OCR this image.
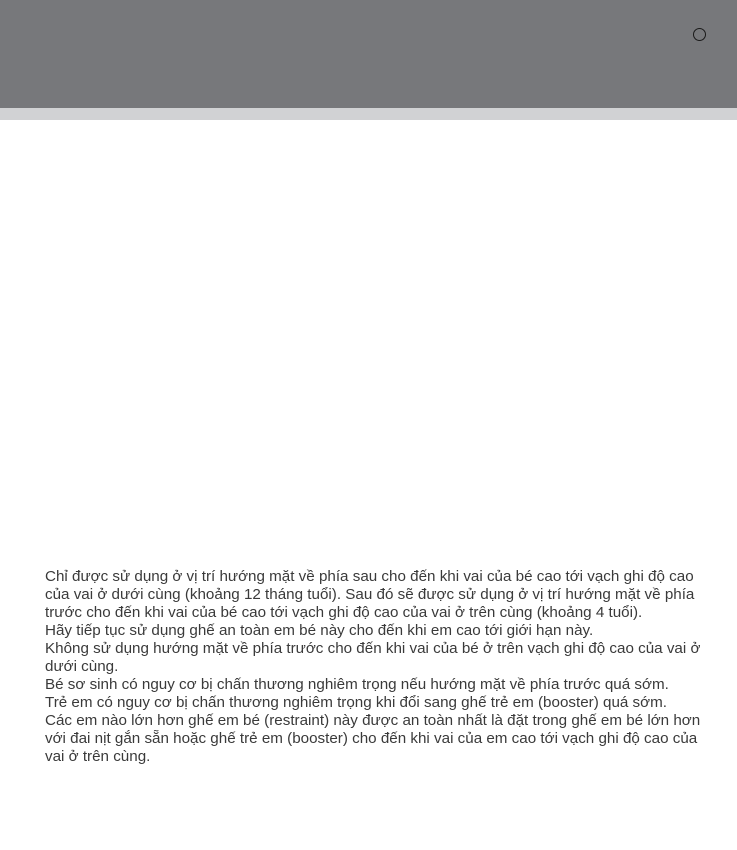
Chỉ được sử dụng ở vị trí hướng mặt về phía sau cho đến khi vai của bé cao tới vạch ghi độ cao của vai ở dưới cùng (khoảng 12 tháng tuổi). Sau đó sẽ được sử dụng ở vị trí hướng mặt về phía trước cho đến khi vai của bé cao tới vạch ghi độ cao của vai ở trên cùng (khoảng 4 tuổi).

Hãy tiếp tục sử dụng ghế an toàn em bé này cho đến khi em cao tới giới hạn này.

Không sử dụng hướng mặt về phía trước cho đến khi vai của bé ở trên vạch ghi độ cao của vai ở dưới cùng.

Bé sơ sinh có nguy cơ bị chấn thương nghiêm trọng nếu hướng mặt về phía trước quá sớm.

Trẻ em có nguy cơ bị chấn thương nghiêm trọng khi đổi sang ghế trẻ em (booster) quá sớm.

Các em nào lớn hơn ghế em bé (restraint) này được an toàn nhất là đặt trong ghế em bé lớn hơn với đai nịt gắn sẵn hoặc ghế trẻ em (booster) cho đến khi vai của em cao tới vạch ghi độ cao của vai ở trên cùng.
